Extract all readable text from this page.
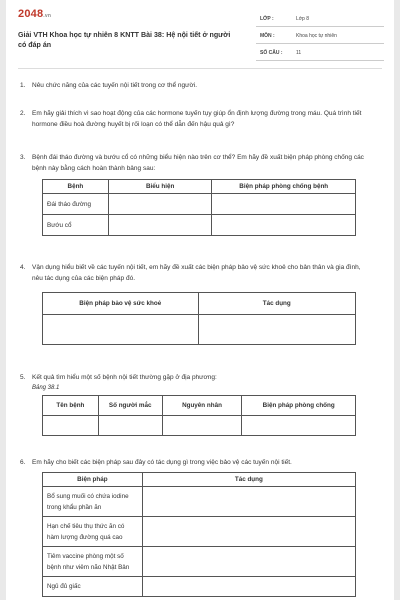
2048.vn
Giải VTH Khoa học tự nhiên 8 KNTT Bài 38: Hệ nội tiết ở người có đáp án
LỚP :	Lớp 8
MÔN :	Khoa học tự nhiên
SỐ CÂU :	11
1. Nêu chức năng của các tuyến nội tiết trong cơ thể người.
2. Em hãy giải thích vì sao hoạt động của các hormone tuyến tụy giúp ổn định lượng đường trong máu. Quá trình tiết hormone điều hoà đường huyết bị rối loạn có thể dẫn đến hậu quả gì?
3. Bệnh đái tháo đường và bướu cổ có những biểu hiện nào trên cơ thể? Em hãy đề xuất biện pháp phòng chống các bệnh này bằng cách hoàn thành bảng sau:
Bệnh	Biểu hiện	Biện pháp phòng chống bệnh
Đái tháo đường		
Bướu cổ		
4. Vận dụng hiểu biết về các tuyến nội tiết, em hãy đề xuất các biện pháp bảo vệ sức khoẻ cho bản thân và gia đình, nêu tác dụng của các biện pháp đó.
Biện pháp bảo vệ sức khoẻ	Tác dụng

5. Kết quả tìm hiểu một số bệnh nội tiết thường gặp ở địa phương:
Bảng 38.1
Tên bệnh	Số người mắc	Nguyên nhân	Biện pháp phòng chống

6. Em hãy cho biết các biện pháp sau đây có tác dụng gì trong việc bảo vệ các tuyến nội tiết.
Biện pháp	Tác dụng
Bổ sung muối có chứa iodine trong khẩu phần ăn	
Hạn chế tiêu thụ thức ăn có hàm lượng đường quá cao	
Tiêm vaccine phòng một số bệnh như viêm não Nhật Bản	
Ngủ đủ giấc	
